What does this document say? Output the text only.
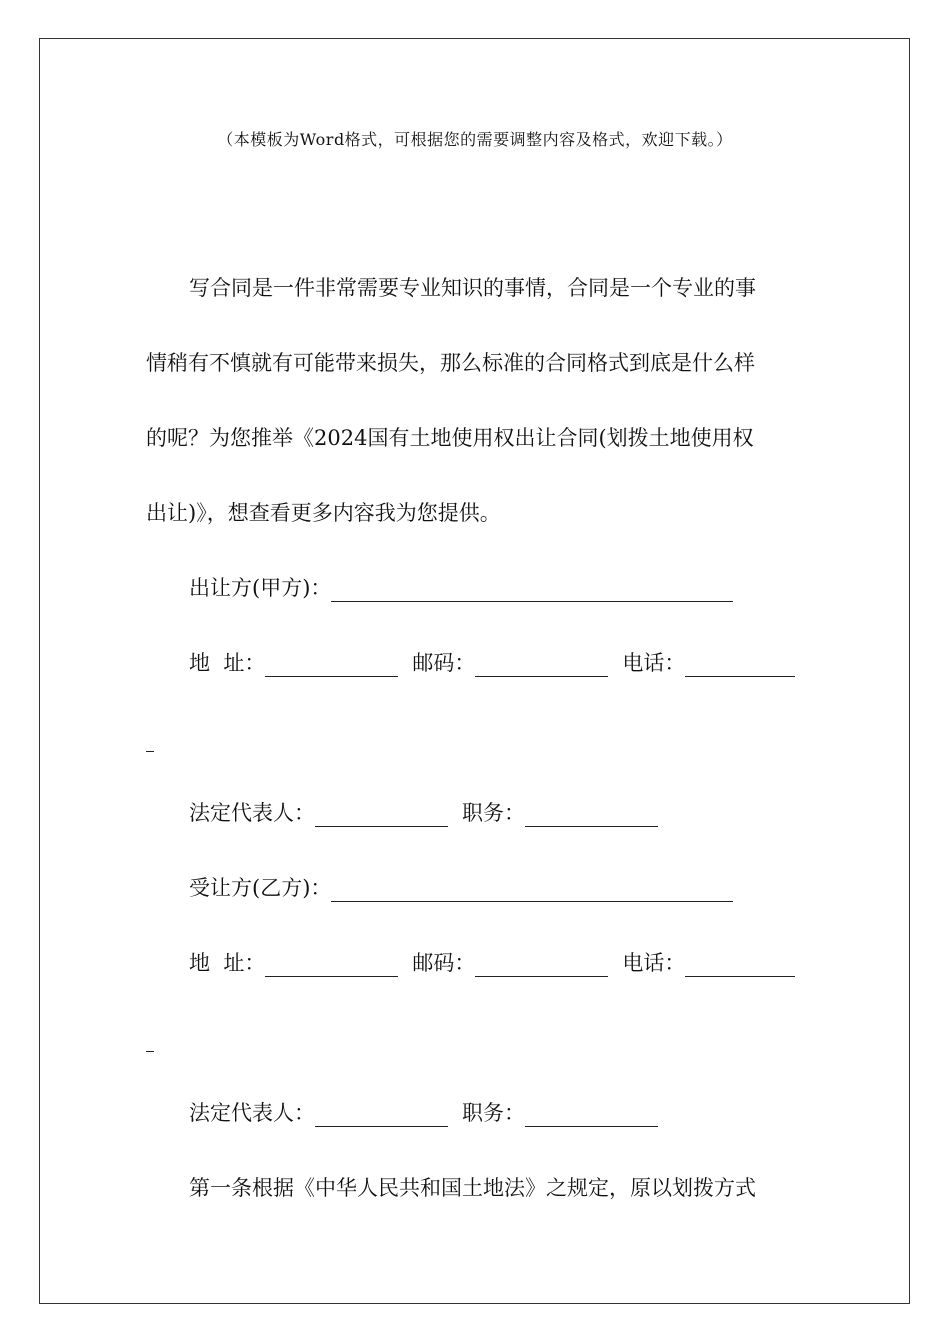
（本模板为Word格式，可根据您的需要调整内容及格式，欢迎下载。）
写合同是一件非常需要专业知识的事情，合同是一个专业的事
情稍有不慎就有可能带来损失，那么标准的合同格式到底是什么样
的呢？为您推举《2024国有土地使用权出让合同(划拨土地使用权
出让)》，想查看更多内容我为您提供。
出让方(甲方)：
地  址：	邮码：	电话：
法定代表人：	职务：
受让方(乙方)：
地  址：	邮码：	电话：
法定代表人：	职务：
第一条根据《中华人民共和国土地法》之规定，原以划拨方式
